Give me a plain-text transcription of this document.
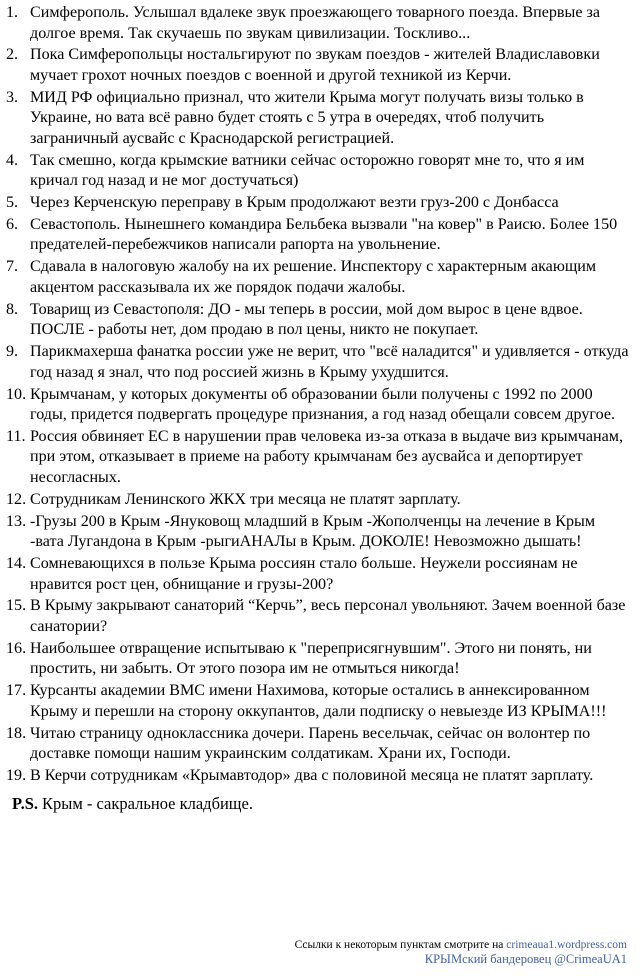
1. Симферополь. Услышал вдалеке звук проезжающего товарного поезда. Впервые за долгое время. Так скучаешь по звукам цивилизации. Тоскливо...
2. Пока Симферопольцы ностальгируют по звукам поездов - жителей Владиславовки мучает грохот ночных поездов с военной и другой техникой из Керчи.
3. МИД РФ официально признал, что жители Крыма могут получать визы только в Украине, но вата всё равно будет стоять с 5 утра в очередях, чтоб получить заграничный аусвайс с Краснодарской регистрацией.
4. Так смешно, когда крымские ватники сейчас осторожно говорят мне то, что я им кричал год назад и не мог достучаться)
5. Через Керченскую переправу в Крым продолжают везти груз-200 с Донбасса
6. Севастополь. Нынешнего командира Бельбека вызвали "на ковер" в Раисю. Более 150 предателей-перебежчиков написали рапорта на увольнение.
7. Сдавала в налоговую жалобу на их решение. Инспектору с характерным акающим акцентом рассказывала их же порядок подачи жалобы.
8. Товарищ из Севастополя: ДО - мы теперь в россии, мой дом вырос в цене вдвое. ПОСЛЕ - работы нет, дом продаю в пол цены, никто не покупает.
9. Парикмахерша фанатка россии уже не верит, что "всё наладится" и удивляется - откуда год назад я знал, что под россией жизнь в Крыму ухудшится.
10. Крымчанам, у которых документы об образовании были получены с 1992 по 2000 годы, придется подвергать процедуре признания, а год назад обещали совсем другое.
11. Россия обвиняет ЕС в нарушении прав человека из-за отказа в выдаче виз крымчанам, при этом, отказывает в приеме на работу крымчанам без аусвайса и депортирует несогласных.
12. Сотрудникам Ленинского ЖКХ три месяца не платят зарплату.
13. -Грузы 200 в Крым -Януковощ младший в Крым -Жополченцы на лечение в Крым -вата Лугандона в Крым -рыгиАНАЛы в Крым. ДОКОЛЕ! Невозможно дышать!
14. Сомневающихся в пользе Крыма россиян стало больше. Неужели россиянам не нравится рост цен, обнищание и грузы-200?
15. В Крыму закрывают санаторий “Керчь”, весь персонал увольняют. Зачем военной базе санатории?
16. Наибольшее отвращение испытываю к "переприсягнувшим". Этого ни понять, ни простить, ни забыть. От этого позора им не отмыться никогда!
17. Курсанты академии ВМС имени Нахимова, которые остались в аннексированном Крыму и перешли на сторону оккупантов, дали подписку о невыезде ИЗ КРЫМА!!!
18. Читаю страницу одноклассника дочери. Парень весельчак, сейчас он волонтер по доставке помощи нашим украинским солдатикам. Храни их, Господи.
19. В Керчи сотрудникам «Крымавтодор» два с половиной месяца не платят зарплату.
P.S. Крым - сакральное кладбище.
Ссылки к некоторым пунктам смотрите на crimeaua1.wordpress.com
КРЫМский бандеровец @CrimeaUA1
